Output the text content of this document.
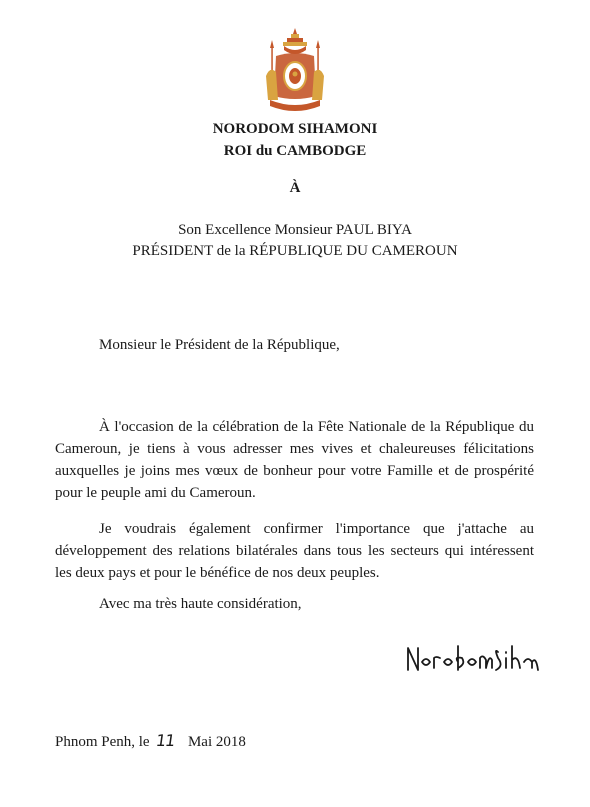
NORODOM SIHAMONI
ROI du CAMBODGE
À
Son Excellence Monsieur PAUL BIYA
PRÉSIDENT de la RÉPUBLIQUE DU CAMEROUN
Monsieur le Président de la République,
À l'occasion de la célébration de la Fête Nationale de la République du Cameroun, je tiens à vous adresser mes vives et chaleureuses félicitations auxquelles je joins mes vœux de bonheur pour votre Famille et de prospérité pour le peuple ami du Cameroun.
Je voudrais également confirmer l'importance que j'attache au développement des relations bilatérales dans tous les secteurs qui intéressent les deux pays et pour le bénéfice de nos deux peuples.
Avec ma très haute considération,
Phnom Penh, le 11 Mai 2018
